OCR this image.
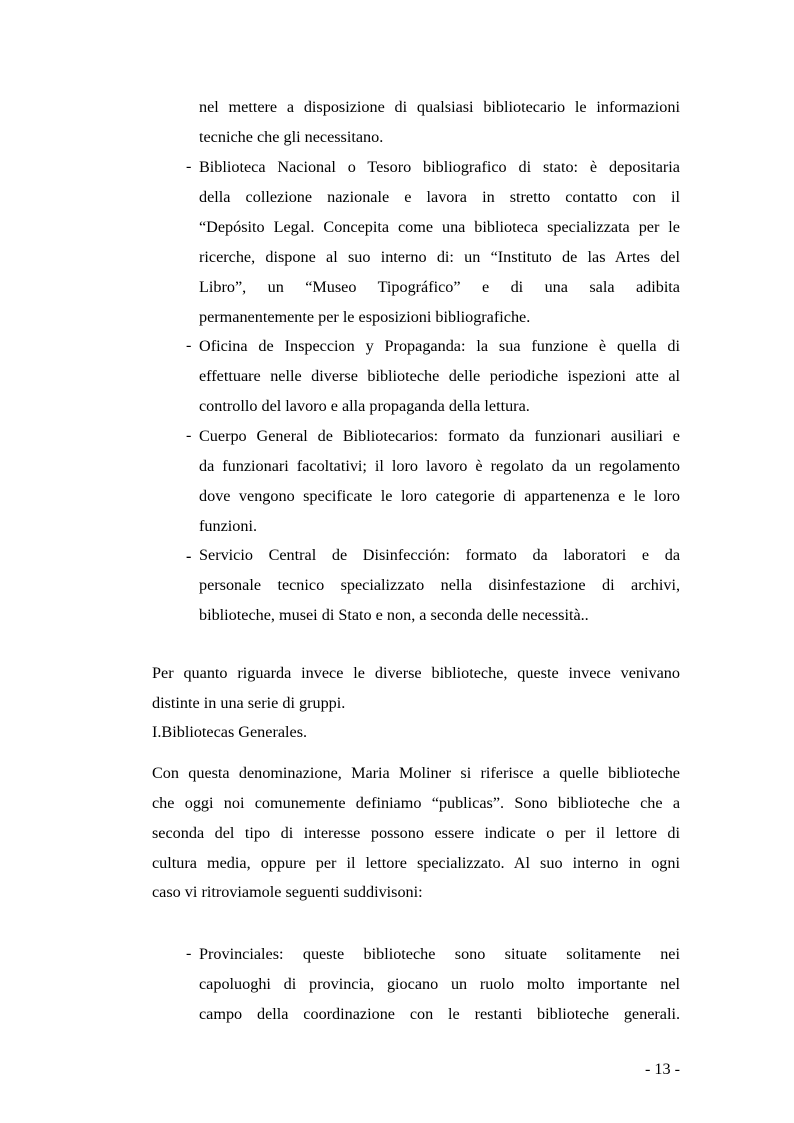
nel mettere a disposizione di qualsiasi bibliotecario le informazioni
tecniche che gli necessitano.
- Biblioteca Nacional o Tesoro bibliografico di stato: è depositaria
della collezione nazionale e lavora in stretto contatto con il
“Depósito Legal. Concepita come una biblioteca specializzata per le
ricerche, dispone al suo interno di: un “Instituto de las Artes del
Libro”, un “Museo Tipográfico” e di una sala adibita
permanentemente per le esposizioni bibliografiche.
- Oficina de Inspeccion y Propaganda: la sua funzione è quella di
effettuare nelle diverse biblioteche delle periodiche ispezioni atte al
controllo del lavoro e alla propaganda della lettura.
- Cuerpo General de Bibliotecarios: formato da funzionari ausiliari e
da funzionari facoltativi; il loro lavoro è regolato da un regolamento
dove vengono specificate le loro categorie di appartenenza e le loro
funzioni.
- Servicio Central de Disinfección: formato da laboratori e da
personale tecnico specializzato nella disinfestazione di archivi,
biblioteche, musei di Stato e non, a seconda delle necessità..
Per quanto riguarda invece le diverse biblioteche, queste invece venivano
distinte in una serie di gruppi.
I.Bibliotecas Generales.
Con questa denominazione, Maria Moliner si riferisce a quelle biblioteche
che oggi noi comunemente definiamo “publicas”. Sono biblioteche che a
seconda del tipo di interesse possono essere indicate o per il lettore di
cultura media, oppure per il lettore specializzato. Al suo interno in ogni
caso vi ritroviamole seguenti suddivisoni:
- Provinciales: queste biblioteche sono situate solitamente nei
capoluoghi di provincia, giocano un ruolo molto importante nel
campo della coordinazione con le restanti biblioteche generali.
- 13 -
